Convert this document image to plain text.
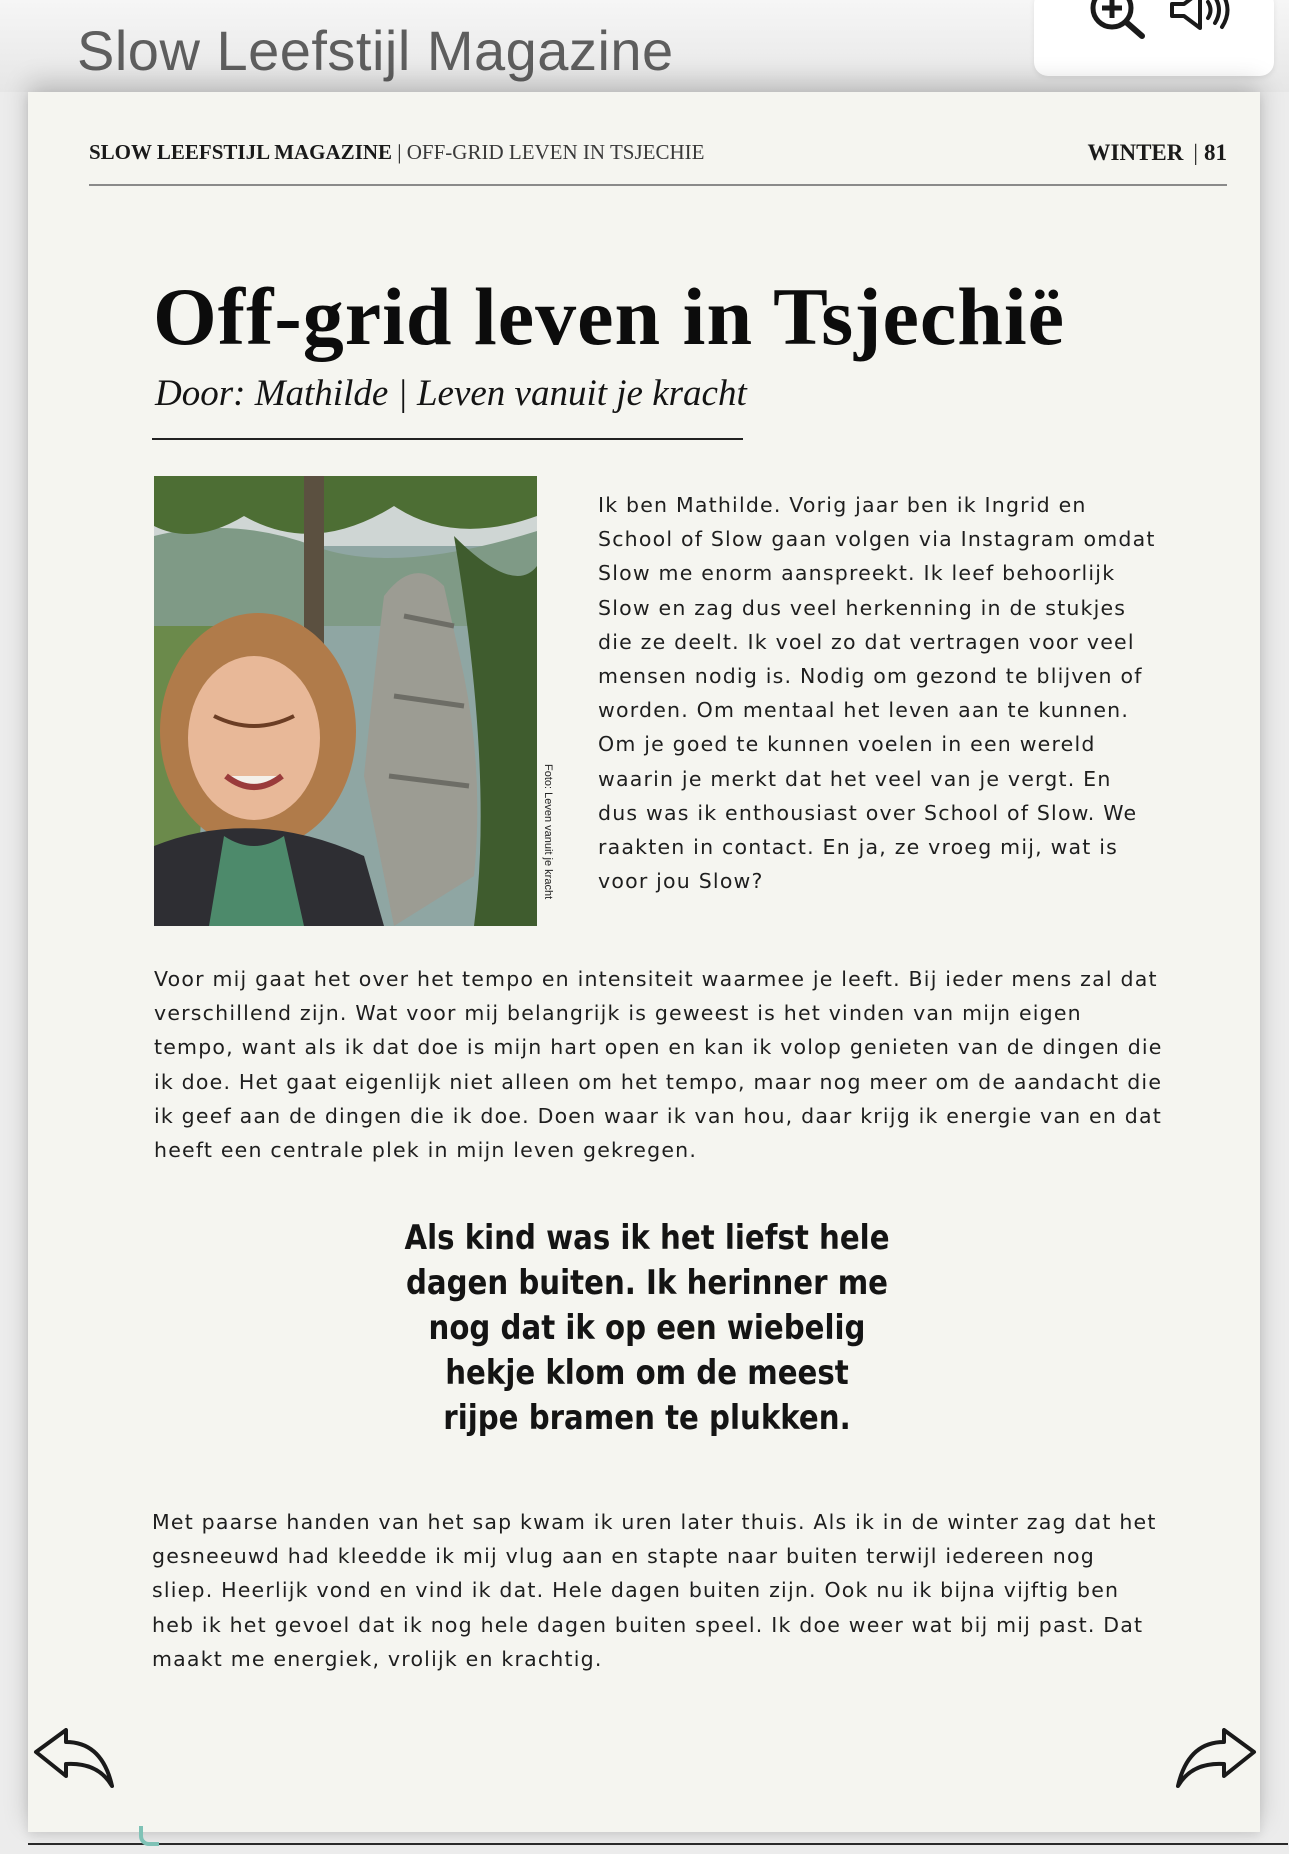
Slow Leefstijl Magazine
SLOW LEEFSTIJL MAGAZINE | OFF-GRID LEVEN IN TSJECHIE	WINTER | 81
Off-grid leven in Tsjechië
Door: Mathilde | Leven vanuit je kracht
Foto: Leven vanuit je kracht

Ik ben Mathilde. Vorig jaar ben ik Ingrid en School of Slow gaan volgen via Instagram omdat Slow me enorm aanspreekt. Ik leef behoorlijk Slow en zag dus veel herkenning in de stukjes die ze deelt. Ik voel zo dat vertragen voor veel mensen nodig is. Nodig om gezond te blijven of worden. Om mentaal het leven aan te kunnen. Om je goed te kunnen voelen in een wereld waarin je merkt dat het veel van je vergt. En dus was ik enthousiast over School of Slow. We raakten in contact. En ja, ze vroeg mij, wat is voor jou Slow?

Voor mij gaat het over het tempo en intensiteit waarmee je leeft. Bij ieder mens zal dat verschillend zijn. Wat voor mij belangrijk is geweest is het vinden van mijn eigen tempo, want als ik dat doe is mijn hart open en kan ik volop genieten van de dingen die ik doe. Het gaat eigenlijk niet alleen om het tempo, maar nog meer om de aandacht die ik geef aan de dingen die ik doe. Doen waar ik van hou, daar krijg ik energie van en dat heeft een centrale plek in mijn leven gekregen.

Als kind was ik het liefst hele dagen buiten. Ik herinner me nog dat ik op een wiebelig hekje klom om de meest rijpe bramen te plukken.

Met paarse handen van het sap kwam ik uren later thuis. Als ik in de winter zag dat het gesneeuwd had kleedde ik mij vlug aan en stapte naar buiten terwijl iedereen nog sliep. Heerlijk vond en vind ik dat. Hele dagen buiten zijn. Ook nu ik bijna vijftig ben heb ik het gevoel dat ik nog hele dagen buiten speel. Ik doe weer wat bij mij past. Dat maakt me energiek, vrolijk en krachtig.
